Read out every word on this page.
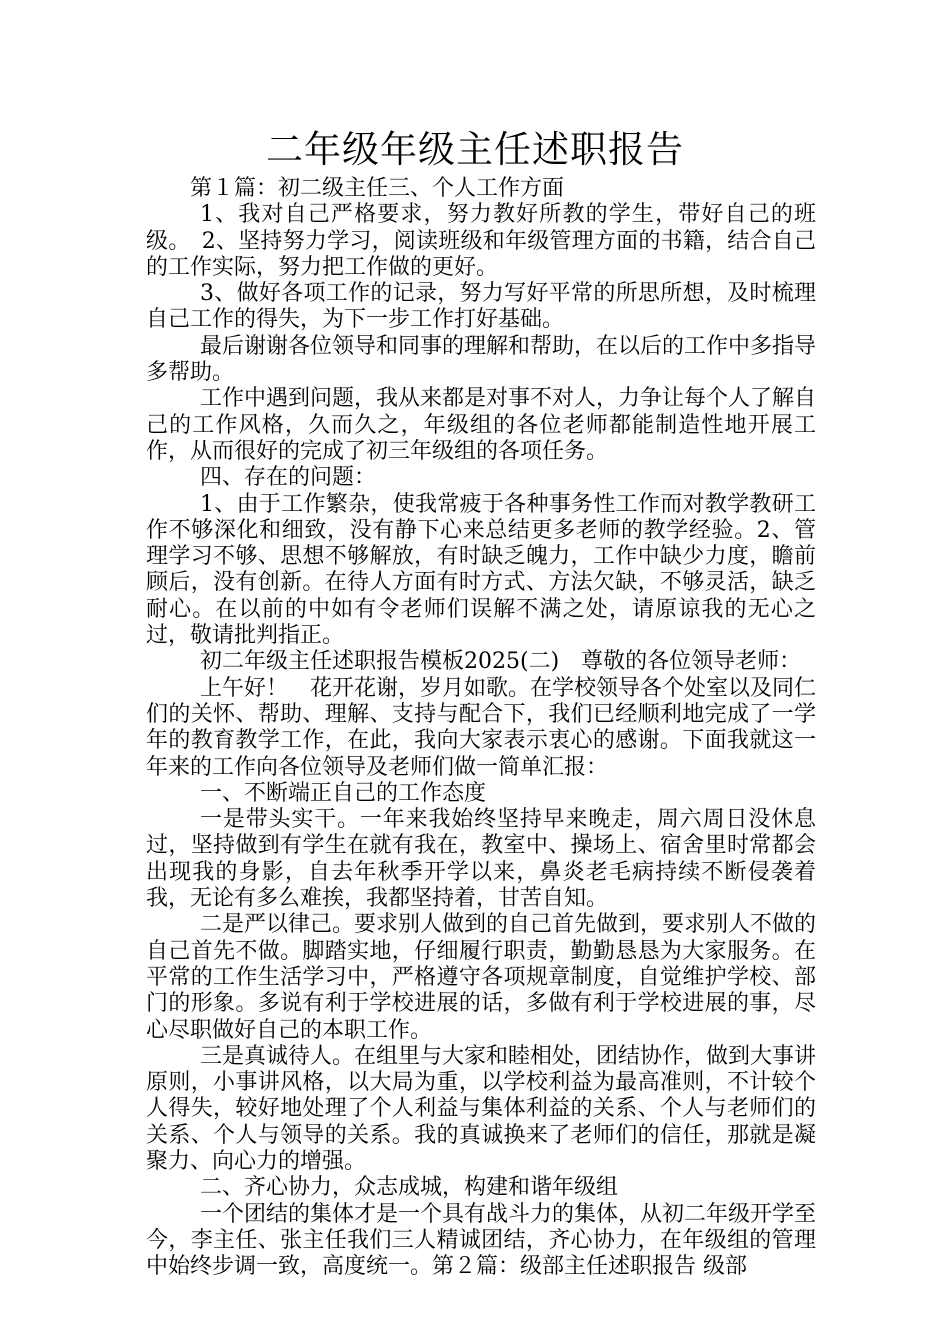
二年级年级主任述职报告

第１篇：初二级主任三、个人工作方面

1、我对自己严格要求，努力教好所教的学生，带好自己的班级。　2、坚持努力学习，阅读班级和年级管理方面的书籍，结合自己的工作实际，努力把工作做的更好。

3、做好各项工作的记录，努力写好平常的所思所想，及时梳理自己工作的得失，为下一步工作打好基础。

最后谢谢各位领导和同事的理解和帮助，在以后的工作中多指导多帮助。

工作中遇到问题，我从来都是对事不对人，力争让每个人了解自己的工作风格，久而久之，年级组的各位老师都能制造性地开展工作，从而很好的完成了初三年级组的各项任务。

四、存在的问题：

1、由于工作繁杂，使我常疲于各种事务性工作而对教学教研工作不够深化和细致，没有静下心来总结更多老师的教学经验。2、管理学习不够、思想不够解放，有时缺乏魄力，工作中缺少力度，瞻前顾后，没有创新。在待人方面有时方式、方法欠缺，不够灵活，缺乏耐心。在以前的中如有令老师们误解不满之处，请原谅我的无心之过，敬请批判指正。

初二年级主任述职报告模板2025(二)　尊敬的各位领导老师：

上午好！　花开花谢，岁月如歌。在学校领导各个处室以及同仁们的关怀、帮助、理解、支持与配合下，我们已经顺利地完成了一学年的教育教学工作，在此，我向大家表示衷心的感谢。下面我就这一年来的工作向各位领导及老师们做一简单汇报：

一、不断端正自己的工作态度

一是带头实干。一年来我始终坚持早来晚走，周六周日没休息过，坚持做到有学生在就有我在，教室中、操场上、宿舍里时常都会出现我的身影，自去年秋季开学以来，鼻炎老毛病持续不断侵袭着我，无论有多么难挨，我都坚持着，甘苦自知。

二是严以律己。要求别人做到的自己首先做到，要求别人不做的自己首先不做。脚踏实地，仔细履行职责，勤勤恳恳为大家服务。在平常的工作生活学习中，严格遵守各项规章制度，自觉维护学校、部门的形象。多说有利于学校进展的话，多做有利于学校进展的事，尽心尽职做好自己的本职工作。

三是真诚待人。在组里与大家和睦相处，团结协作，做到大事讲原则，小事讲风格，以大局为重，以学校利益为最高准则，不计较个人得失，较好地处理了个人利益与集体利益的关系、个人与老师们的关系、个人与领导的关系。我的真诚换来了老师们的信任，那就是凝聚力、向心力的增强。

二、齐心协力，众志成城，构建和谐年级组

一个团结的集体才是一个具有战斗力的集体，从初二年级开学至今，李主任、张主任我们三人精诚团结，齐心协力，在年级组的管理中始终步调一致，高度统一。第２篇：级部主任述职报告 级部
